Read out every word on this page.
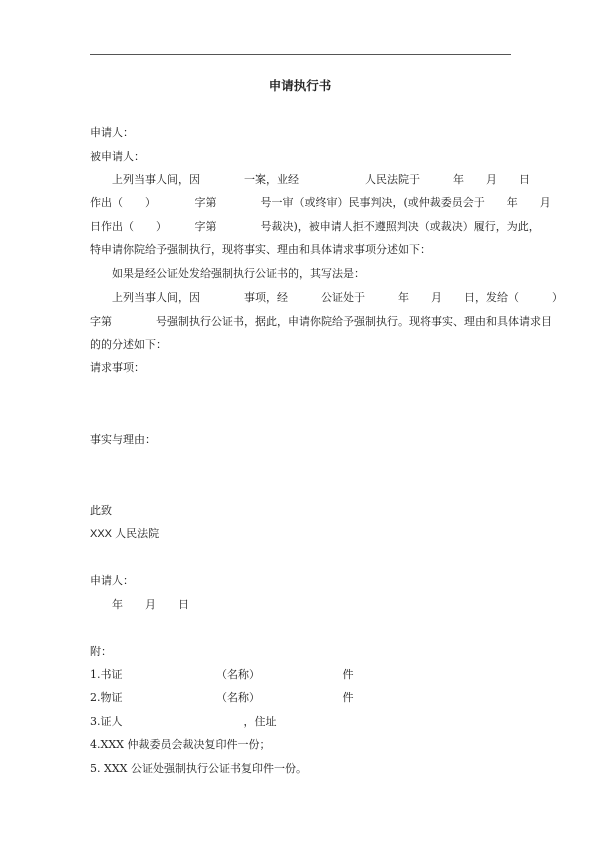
申请执行书

申请人：

被申请人：

上列当事人间，因　　　　一案，业经　　　　　　人民法院于　　　年　　月　　日

作出（　　）　　　　字第　　　　号一审（或终审）民事判决，(或仲裁委员会于　　年　　月

日作出（　　）　　　字第　　　　号裁决)，被申请人拒不遵照判决（或裁决）履行，为此，

特申请你院给予强制执行，现将事实、理由和具体请求事项分述如下：

如果是经公证处发给强制执行公证书的，其写法是：

上列当事人间，因　　　　事项，经　　　公证处于　　　年　　月　　日，发给（　　　）

字第　　　　号强制执行公证书，据此，申请你院给予强制执行。现将事实、理由和具体请求目

的的分述如下：

请求事项：

事实与理由：

此致

XXX 人民法院

申请人：

年　　月　　日

附：

1.书证　　　　　　　　　（名称）　　　　　　　　件

2.物证　　　　　　　　　（名称）　　　　　　　　件

3.证人　　　　　　　　　　　，住址

4.XXX 仲裁委员会裁决复印件一份；

5. XXX 公证处强制执行公证书复印件一份。
